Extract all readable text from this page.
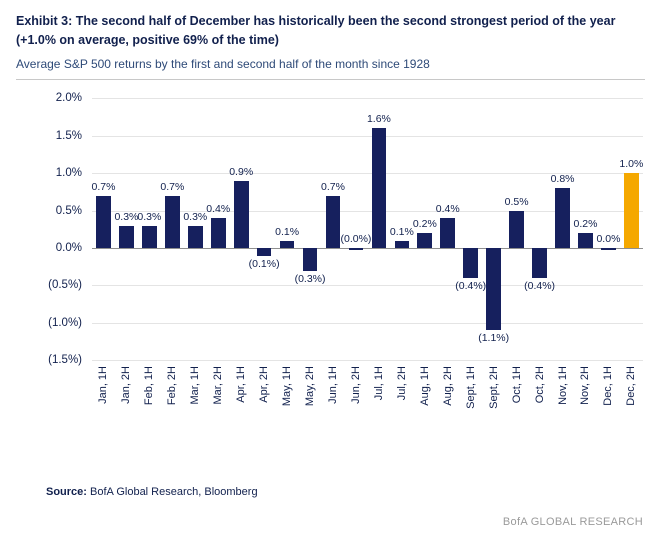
Exhibit 3: The second half of December has historically been the second strongest period of the year (+1.0% on average, positive 69% of the time)
Average S&P 500 returns by the first and second half of the month since 1928
2.0%
1.5%
1.0%
0.5%
0.0%
(0.5%)
(1.0%)
(1.5%)
0.7%
0.3% 0.3%
0.7%
0.3%
0.4%
0.9%
(0.1%)
0.1%
(0.3%)
0.7%
(0.0%)
1.6%
0.1%
0.2%
0.4%
(0.4%)
(1.1%)
0.5%
(0.4%)
0.8%
0.2%
0.0%
1.0%
Jan, 1H Jan, 2H Feb, 1H Feb, 2H Mar, 1H Mar, 2H Apr, 1H Apr, 2H May, 1H May, 2H Jun, 1H Jun, 2H Jul, 1H Jul, 2H Aug, 1H Aug, 2H Sept, 1H Sept, 2H Oct, 1H Oct, 2H Nov, 1H Nov, 2H Dec, 1H Dec, 2H
Source: BofA Global Research, Bloomberg
BofA GLOBAL RESEARCH
